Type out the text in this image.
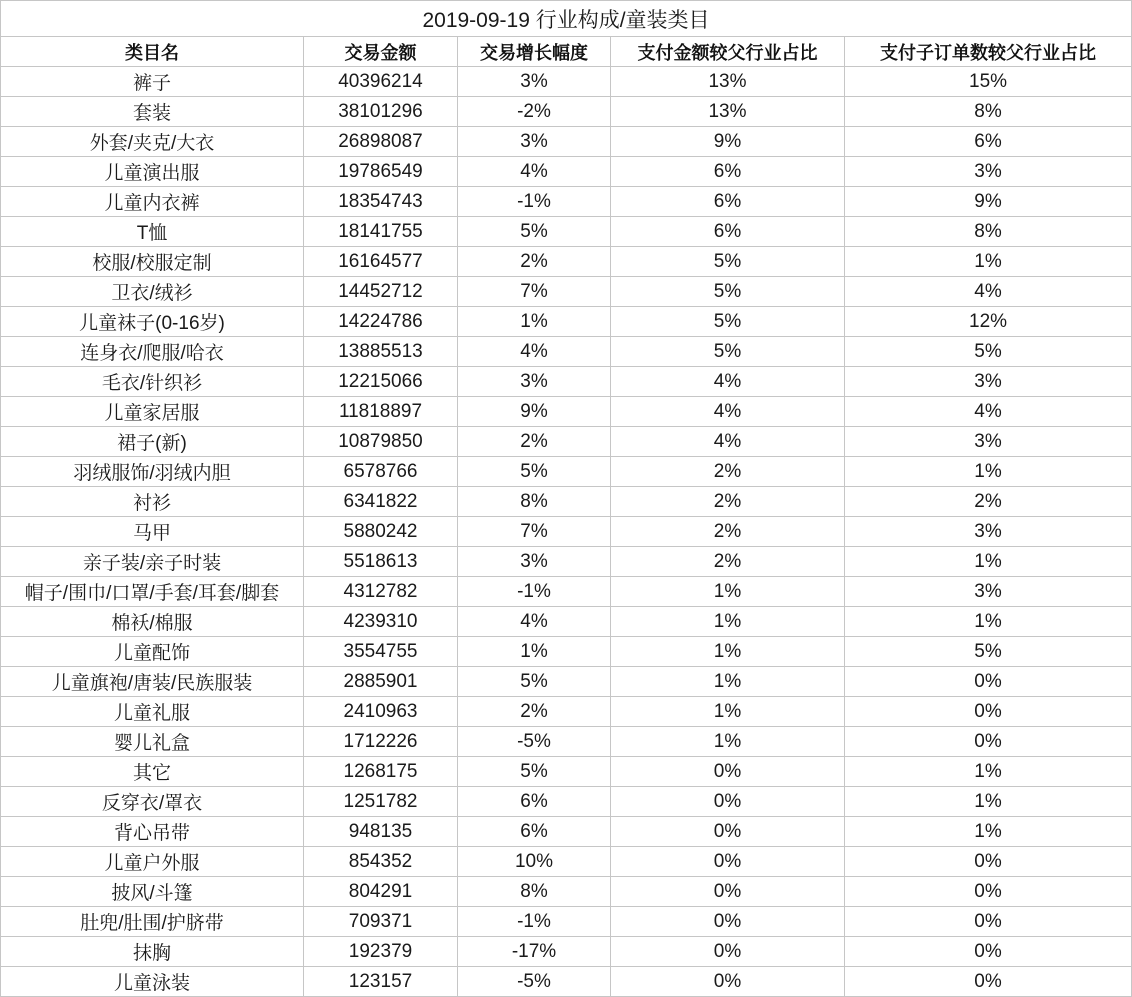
2019-09-19 行业构成/童装类目				
类目名	交易金额	交易增长幅度	支付金额较父行业占比	支付子订单数较父行业占比
裤子	40396214	3%	13%	15%
套装	38101296	-2%	13%	8%
外套/夹克/大衣	26898087	3%	9%	6%
儿童演出服	19786549	4%	6%	3%
儿童内衣裤	18354743	-1%	6%	9%
T恤	18141755	5%	6%	8%
校服/校服定制	16164577	2%	5%	1%
卫衣/绒衫	14452712	7%	5%	4%
儿童袜子(0-16岁)	14224786	1%	5%	12%
连身衣/爬服/哈衣	13885513	4%	5%	5%
毛衣/针织衫	12215066	3%	4%	3%
儿童家居服	11818897	9%	4%	4%
裙子(新)	10879850	2%	4%	3%
羽绒服饰/羽绒内胆	6578766	5%	2%	1%
衬衫	6341822	8%	2%	2%
马甲	5880242	7%	2%	3%
亲子装/亲子时装	5518613	3%	2%	1%
帽子/围巾/口罩/手套/耳套/脚套	4312782	-1%	1%	3%
棉袄/棉服	4239310	4%	1%	1%
儿童配饰	3554755	1%	1%	5%
儿童旗袍/唐装/民族服装	2885901	5%	1%	0%
儿童礼服	2410963	2%	1%	0%
婴儿礼盒	1712226	-5%	1%	0%
其它	1268175	5%	0%	1%
反穿衣/罩衣	1251782	6%	0%	1%
背心吊带	948135	6%	0%	1%
儿童户外服	854352	10%	0%	0%
披风/斗篷	804291	8%	0%	0%
肚兜/肚围/护脐带	709371	-1%	0%	0%
抹胸	192379	-17%	0%	0%
儿童泳装	123157	-5%	0%	0%
